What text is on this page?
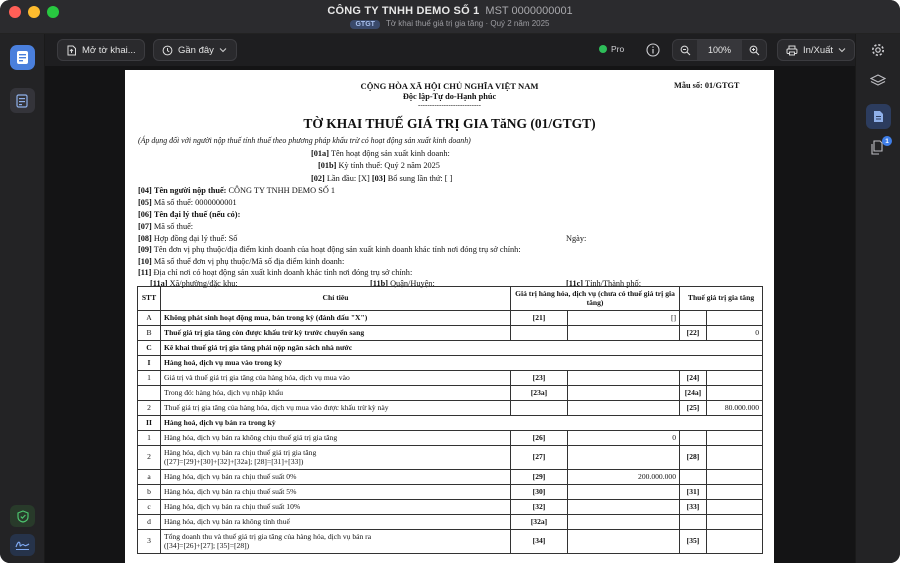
CÔNG TY TNHH DEMO SỐ 1 MST 0000000001
GTGT Tờ khai thuế giá trị gia tăng · Quý 2 năm 2025
Mở tờ khai...	Gần đây	Pro	100%	In/Xuất
1
CỘNG HÒA XÃ HỘI CHỦ NGHĨA VIỆT NAM
Độc lập-Tự do-Hạnh phúc
---------------------------
Mẫu số: 01/GTGT
TỜ KHAI THUẾ GIÁ TRỊ GIA TăNG (01/GTGT)
(Áp dụng đối với người nộp thuế tính thuế theo phương pháp khấu trừ có hoạt động sản xuất kinh doanh)
[01a] Tên hoạt động sản xuất kinh doanh:
[01b] Kỳ tính thuế: Quý 2 năm 2025
[02] Lần đầu: [X] [03] Bổ sung lần thứ: [ ]
[04] Tên người nộp thuế: CÔNG TY TNHH DEMO SỐ 1
[05] Mã số thuế: 0000000001
[06] Tên đại lý thuế (nếu có):
[07] Mã số thuế:
[08] Hợp đồng đại lý thuế: Số	Ngày:
[09] Tên đơn vị phụ thuộc/địa điểm kinh doanh của hoạt động sản xuất kinh doanh khác tỉnh nơi đóng trụ sở chính:
[10] Mã số thuế đơn vị phụ thuộc/Mã số địa điểm kinh doanh:
[11] Địa chỉ nơi có hoạt động sản xuất kinh doanh khác tỉnh nơi đóng trụ sở chính:
[11a] Xã/phường/đặc khu:	[11b] Quận/Huyện:	[11c] Tỉnh/Thành phố:
STT	Chỉ tiêu	Giá trị hàng hóa, dịch vụ (chưa có thuế giá trị gia tăng)		Thuế giá trị gia tăng	
A	Không phát sinh hoạt động mua, bán trong kỳ (đánh dấu "X")	[21]	[]		
B	Thuế giá trị gia tăng còn được khấu trừ kỳ trước chuyển sang			[22]	0
C	Kê khai thuế giá trị gia tăng phải nộp ngân sách nhà nước				
I	Hàng hoá, dịch vụ mua vào trong kỳ				
1	Giá trị và thuế giá trị gia tăng của hàng hóa, dịch vụ mua vào	[23]		[24]	
	Trong đó: hàng hóa, dịch vụ nhập khẩu	[23a]		[24a]	
2	Thuế giá trị gia tăng của hàng hóa, dịch vụ mua vào được khấu trừ kỳ này			[25]	80.000.000
II	Hàng hoá, dịch vụ bán ra trong kỳ				
1	Hàng hóa, dịch vụ bán ra không chịu thuế giá trị gia tăng	[26]	0		
2	Hàng hóa, dịch vụ bán ra chịu thuế giá trị gia tăng
([27]=[29]+[30]+[32]+[32a]; [28]=[31]+[33])	[27]		[28]	
a	Hàng hóa, dịch vụ bán ra chịu thuế suất 0%	[29]	200.000.000		
b	Hàng hóa, dịch vụ bán ra chịu thuế suất 5%	[30]		[31]	
c	Hàng hóa, dịch vụ bán ra chịu thuế suất 10%	[32]		[33]	
d	Hàng hóa, dịch vụ bán ra không tính thuế	[32a]			
3	Tổng doanh thu và thuế giá trị gia tăng của hàng hóa, dịch vụ bán ra
([34]=[26]+[27]; [35]=[28])	[34]		[35]	
